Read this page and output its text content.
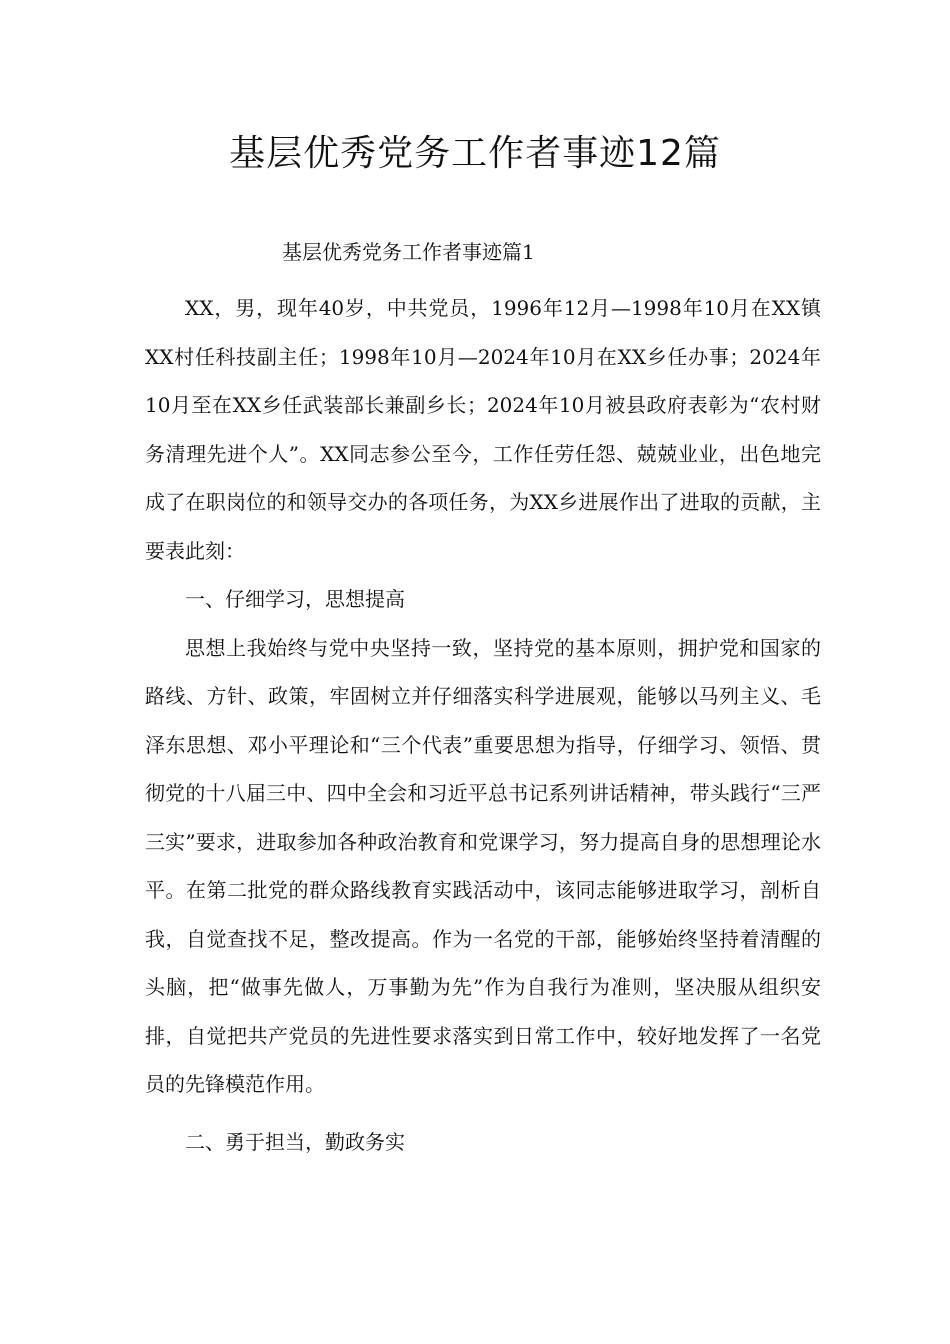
基层优秀党务工作者事迹12篇

基层优秀党务工作者事迹篇1

XX，男，现年40岁，中共党员，1996年12月—1998年10月在XX镇XX村任科技副主任；1998年10月—2024年10月在XX乡任办事；2024年10月至在XX乡任武装部长兼副乡长；2024年10月被县政府表彰为“农村财务清理先进个人”。XX同志参公至今，工作任劳任怨、兢兢业业，出色地完成了在职岗位的和领导交办的各项任务，为XX乡进展作出了进取的贡献，主要表此刻：

一、仔细学习，思想提高

思想上我始终与党中央坚持一致，坚持党的基本原则，拥护党和国家的路线、方针、政策，牢固树立并仔细落实科学进展观，能够以马列主义、毛泽东思想、邓小平理论和“三个代表”重要思想为指导，仔细学习、领悟、贯彻党的十八届三中、四中全会和习近平总书记系列讲话精神，带头践行“三严三实”要求，进取参加各种政治教育和党课学习，努力提高自身的思想理论水平。在第二批党的群众路线教育实践活动中，该同志能够进取学习，剖析自我，自觉查找不足，整改提高。作为一名党的干部，能够始终坚持着清醒的头脑，把“做事先做人，万事勤为先”作为自我行为准则，坚决服从组织安排，自觉把共产党员的先进性要求落实到日常工作中，较好地发挥了一名党员的先锋模范作用。

二、勇于担当，勤政务实
